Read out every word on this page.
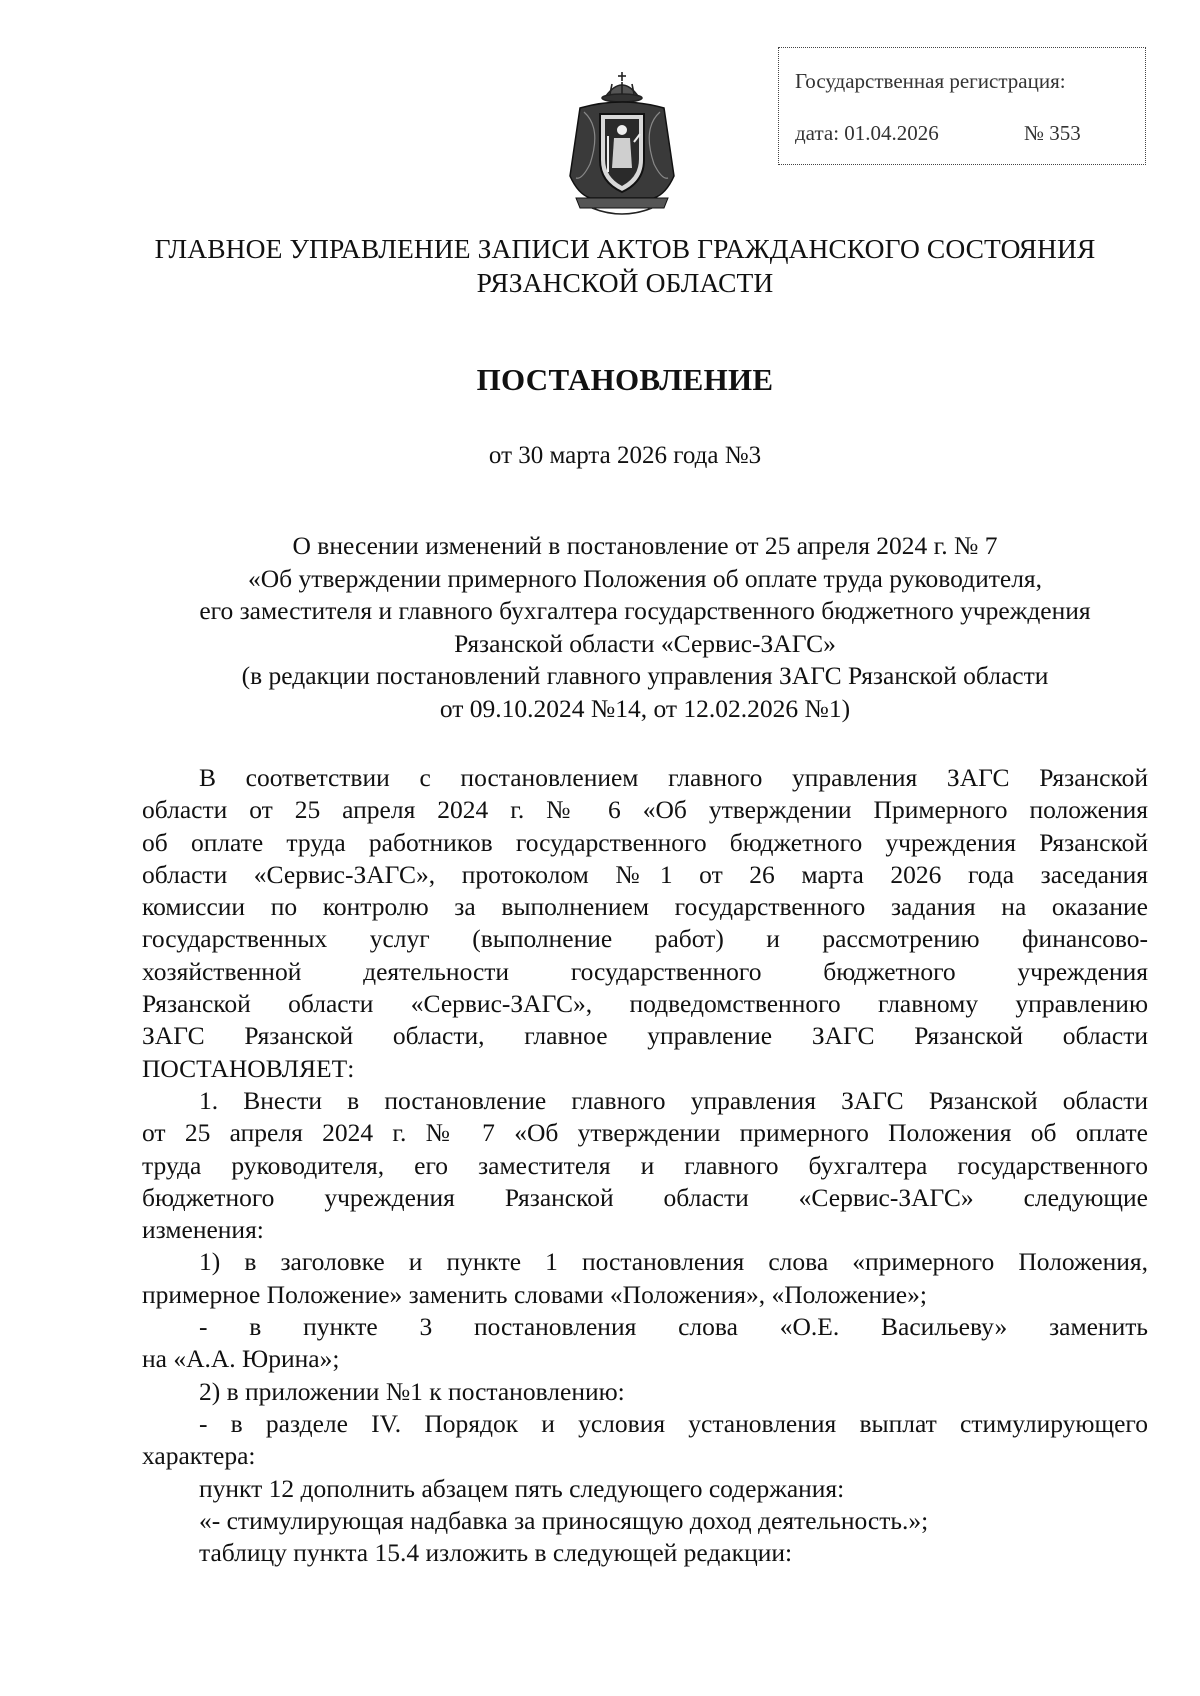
Государственная регистрация:
дата: 01.04.2026	№ 353
ГЛАВНОЕ УПРАВЛЕНИЕ ЗАПИСИ АКТОВ ГРАЖДАНСКОГО СОСТОЯНИЯ
РЯЗАНСКОЙ ОБЛАСТИ
ПОСТАНОВЛЕНИЕ
от 30 марта 2026 года №3
О внесении изменений в постановление от 25 апреля 2024 г. № 7
«Об утверждении примерного Положения об оплате труда руководителя,
его заместителя и главного бухгалтера государственного бюджетного учреждения
Рязанской области «Сервис-ЗАГС»
(в редакции постановлений главного управления ЗАГС Рязанской области
от 09.10.2024 №14, от 12.02.2026 №1)
В соответствии с постановлением главного управления ЗАГС Рязанской
области от 25 апреля 2024 г. № 6 «Об утверждении Примерного положения
об оплате труда работников государственного бюджетного учреждения Рязанской
области «Сервис-ЗАГС», протоколом №1 от 26 марта 2026 года заседания
комиссии по контролю за выполнением государственного задания на оказание
государственных услуг (выполнение работ) и рассмотрению финансово-
хозяйственной деятельности государственного бюджетного учреждения
Рязанской области «Сервис-ЗАГС», подведомственного главному управлению
ЗАГС Рязанской области, главное управление ЗАГС Рязанской области
ПОСТАНОВЛЯЕТ:
1. Внести в постановление главного управления ЗАГС Рязанской области
от 25 апреля 2024 г. № 7 «Об утверждении примерного Положения об оплате
труда руководителя, его заместителя и главного бухгалтера государственного
бюджетного учреждения Рязанской области «Сервис-ЗАГС» следующие
изменения:
1) в заголовке и пункте 1 постановления слова «примерного Положения,
примерное Положение» заменить словами «Положения», «Положение»;
- в пункте 3 постановления слова «О.Е. Васильеву» заменить
на «А.А. Юрина»;
2) в приложении №1 к постановлению:
- в разделе IV. Порядок и условия установления выплат стимулирующего
характера:
пункт 12 дополнить абзацем пять следующего содержания:
«- стимулирующая надбавка за приносящую доход деятельность.»;
таблицу пункта 15.4 изложить в следующей редакции:
